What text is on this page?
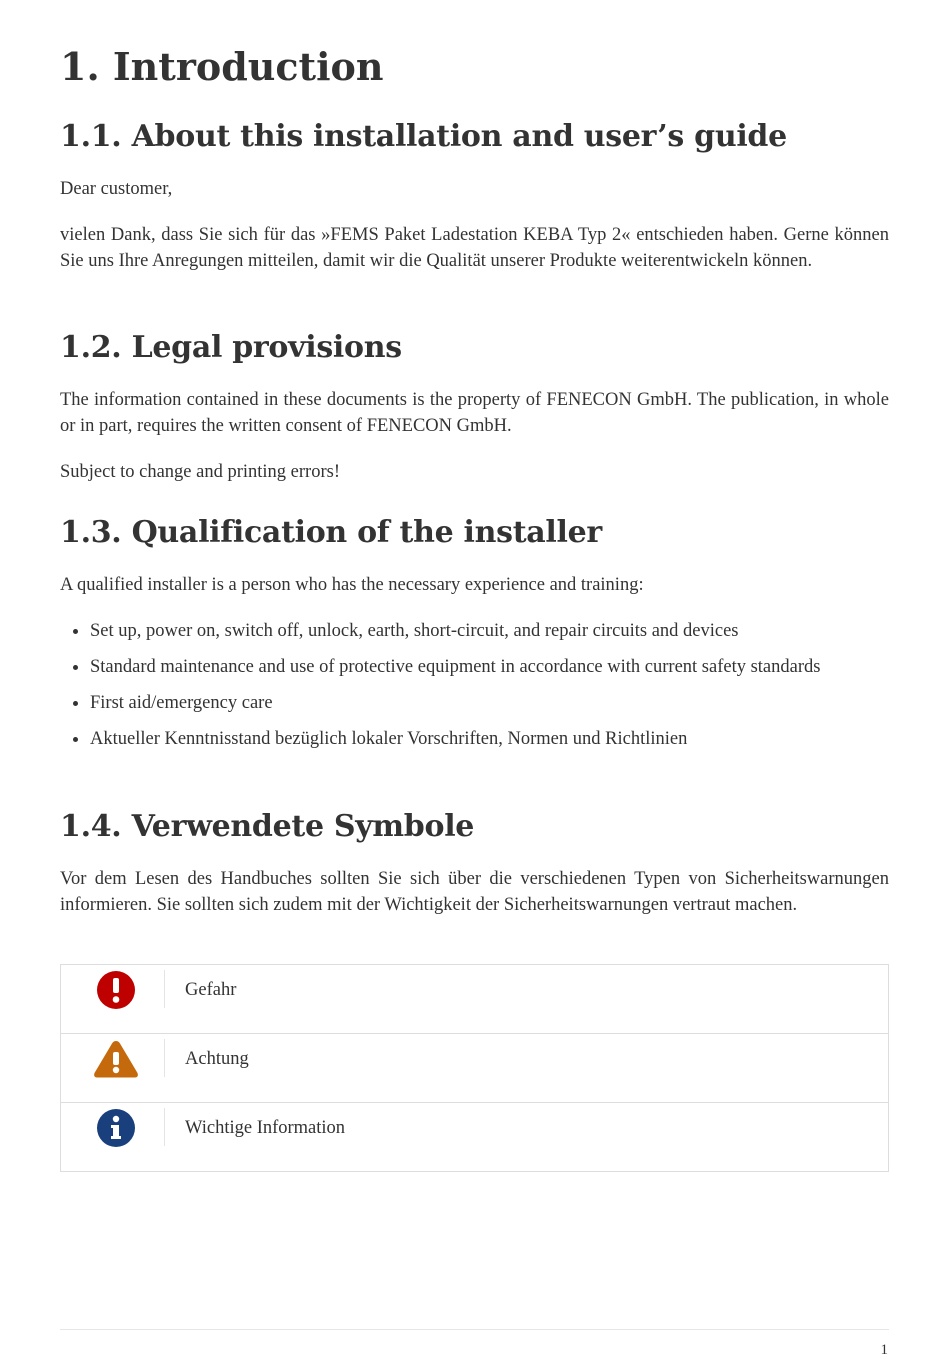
1. Introduction
1.1. About this installation and user’s guide

Dear customer,

vielen Dank, dass Sie sich für das »FEMS Paket Ladestation KEBA Typ 2« entschieden haben. Gerne können Sie uns Ihre Anregungen mitteilen, damit wir die Qualität unserer Produkte weiterentwickeln können.

1.2. Legal provisions

The information contained in these documents is the property of FENECON GmbH. The publication, in whole or in part, requires the written consent of FENECON GmbH.

Subject to change and printing errors!

1.3. Qualification of the installer

A qualified installer is a person who has the necessary experience and training:

Set up, power on, switch off, unlock, earth, short-circuit, and repair circuits and devices
Standard maintenance and use of protective equipment in accordance with current safety standards
First aid/emergency care
Aktueller Kenntnisstand bezüglich lokaler Vorschriften, Normen und Richtlinien
1.4. Verwendete Symbole

Vor dem Lesen des Handbuches sollten Sie sich über die verschiedenen Typen von Sicherheitswarnungen informieren. Sie sollten sich zudem mit der Wichtigkeit der Sicherheitswarnungen vertraut machen.

	Gefahr

	Achtung

	Wichtige Information
1
